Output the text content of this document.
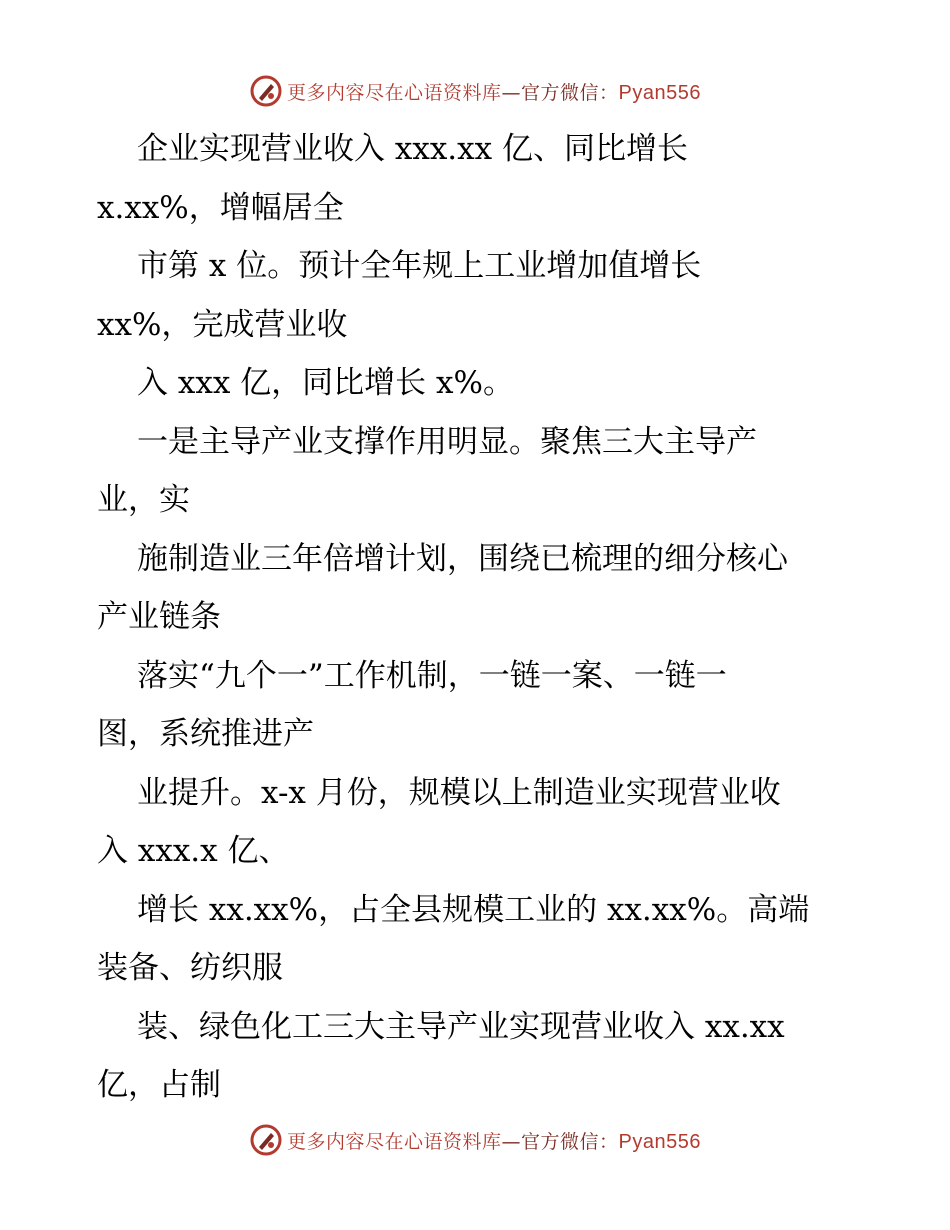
更多内容尽在心语资料库—官方微信：Pyan556
企业实现营业收入 xxx.xx 亿、同比增长
x.xx%，增幅居全
市第 x 位。预计全年规上工业增加值增长
xx%，完成营业收
入 xxx 亿，同比增长 x%。
一是主导产业支撑作用明显。聚焦三大主导产
业，实
施制造业三年倍增计划，围绕已梳理的细分核心
产业链条
落实“九个一”工作机制，一链一案、一链一
图，系统推进产
业提升。x-x 月份，规模以上制造业实现营业收
入 xxx.x 亿、
增长 xx.xx%，占全县规模工业的 xx.xx%。高端
装备、纺织服
装、绿色化工三大主导产业实现营业收入 xx.xx
亿，占制
更多内容尽在心语资料库—官方微信：Pyan556
